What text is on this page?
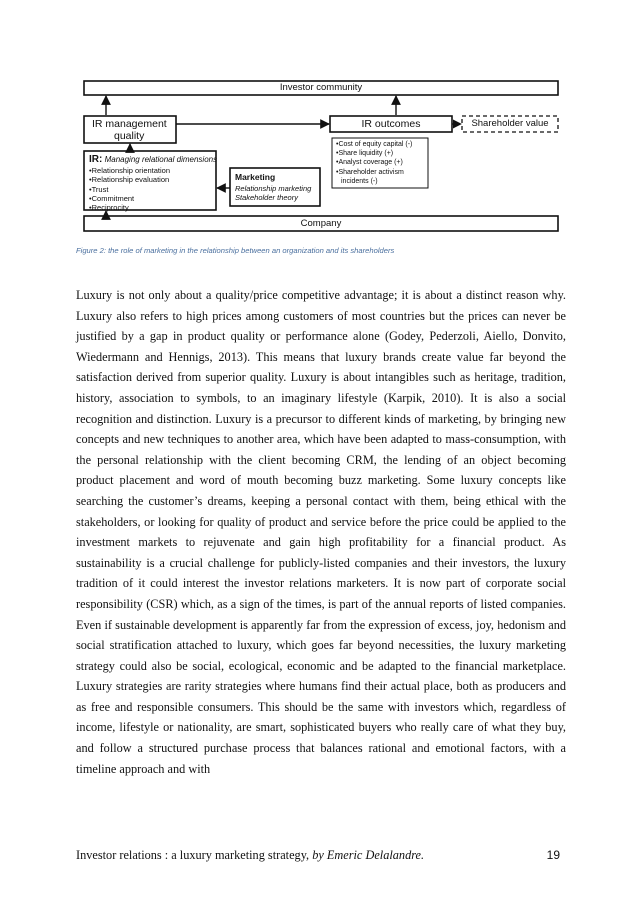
Investor community
Company
IR management
quality
IR outcomes	Shareholder value
IR: Managing relational dimensions
•Relationship orientation
•Relationship evaluation
•Trust
•Commitment
•Reciprocity
Marketing
Relationship marketing
Stakeholder theory
•Cost of equity capital (-)
•Share liquidity (+)
•Analyst coverage (+)
•Shareholder activism
incidents (-)
Figure 2: the role of marketing in the relationship between an organization and its shareholders

Luxury is not only about a quality/price competitive advantage; it is about a distinct reason why. Luxury also refers to high prices among customers of most countries but the prices can never be justified by a gap in product quality or performance alone (Godey, Pederzoli, Aiello, Donvito, Wiedermann and Hennigs, 2013). This means that luxury brands create value far beyond the satisfaction derived from superior quality. Luxury is about intangibles such as heritage, tradition, history, association to symbols, to an imaginary lifestyle (Karpik, 2010). It is also a social recognition and distinction. Luxury is a precursor to different kinds of marketing, by bringing new concepts and new techniques to another area, which have been adapted to mass-consumption, with the personal relationship with the client becoming CRM, the lending of an object becoming product placement and word of mouth becoming buzz marketing. Some luxury concepts like searching the customer’s dreams, keeping a personal contact with them, being ethical with the stakeholders, or looking for quality of product and service before the price could be applied to the investment markets to rejuvenate and gain high profitability for a financial product. As sustainability is a crucial challenge for publicly-listed companies and their investors, the luxury tradition of it could interest the investor relations marketers. It is now part of corporate social responsibility (CSR) which, as a sign of the times, is part of the annual reports of listed companies. Even if sustainable development is apparently far from the expression of excess, joy, hedonism and social stratification attached to luxury, which goes far beyond necessities, the luxury marketing strategy could also be social, ecological, economic and be adapted to the financial marketplace. Luxury strategies are rarity strategies where humans find their actual place, both as producers and as free and responsible consumers. This should be the same with investors which, regardless of income, lifestyle or nationality, are smart, sophisticated buyers who really care of what they buy, and follow a structured purchase process that balances rational and emotional factors, with a timeline approach and with

Investor relations : a luxury marketing strategy, by Emeric Delalandre.	19
